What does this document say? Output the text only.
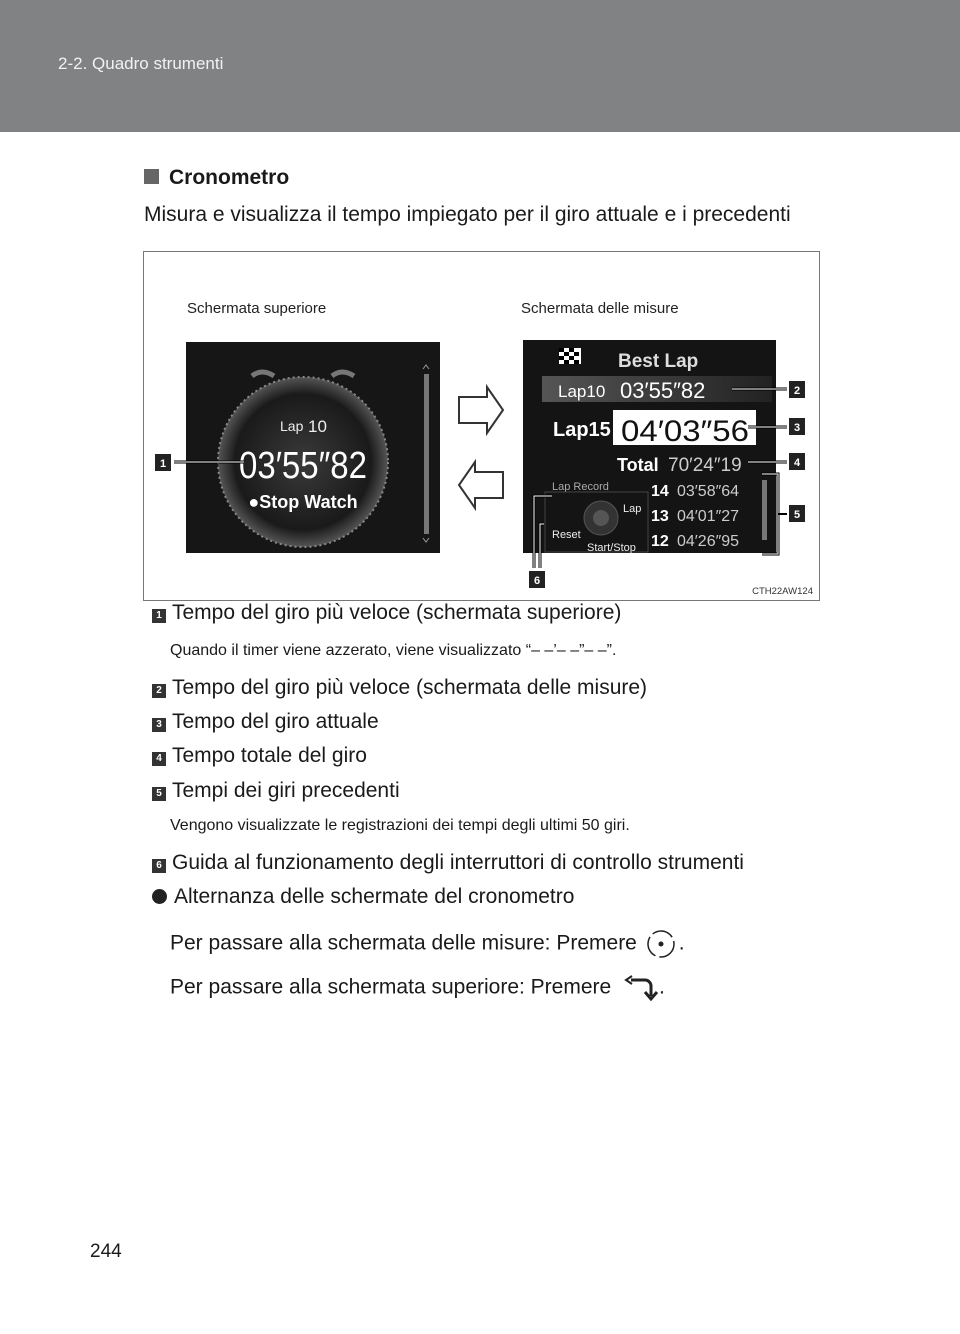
2-2. Quadro strumenti
Cronometro
Misura e visualizza il tempo impiegato per il giro attuale e i precedenti
Schermata superiore	Schermata delle misure
Lap 10
03′55″82
●Stop Watch
1
Best Lap
Lap10 03′55″82
Lap15 04′03″56
Total 70′24″19
Lap Record
Lap
Reset
Start/Stop
14 03′58″64
13 04′01″27
12 04′26″95
2
3
4
5
6
CTH22AW124
1 Tempo del giro più veloce (schermata superiore)
Quando il timer viene azzerato, viene visualizzato “– –’– –”– –”.
2 Tempo del giro più veloce (schermata delle misure)
3 Tempo del giro attuale
4 Tempo totale del giro
5 Tempi dei giri precedenti
Vengono visualizzate le registrazioni dei tempi degli ultimi 50 giri.
6 Guida al funzionamento degli interruttori di controllo strumenti
Alternanza delle schermate del cronometro
Per passare alla schermata delle misure: Premere .
Per passare alla schermata superiore: Premere .
244
